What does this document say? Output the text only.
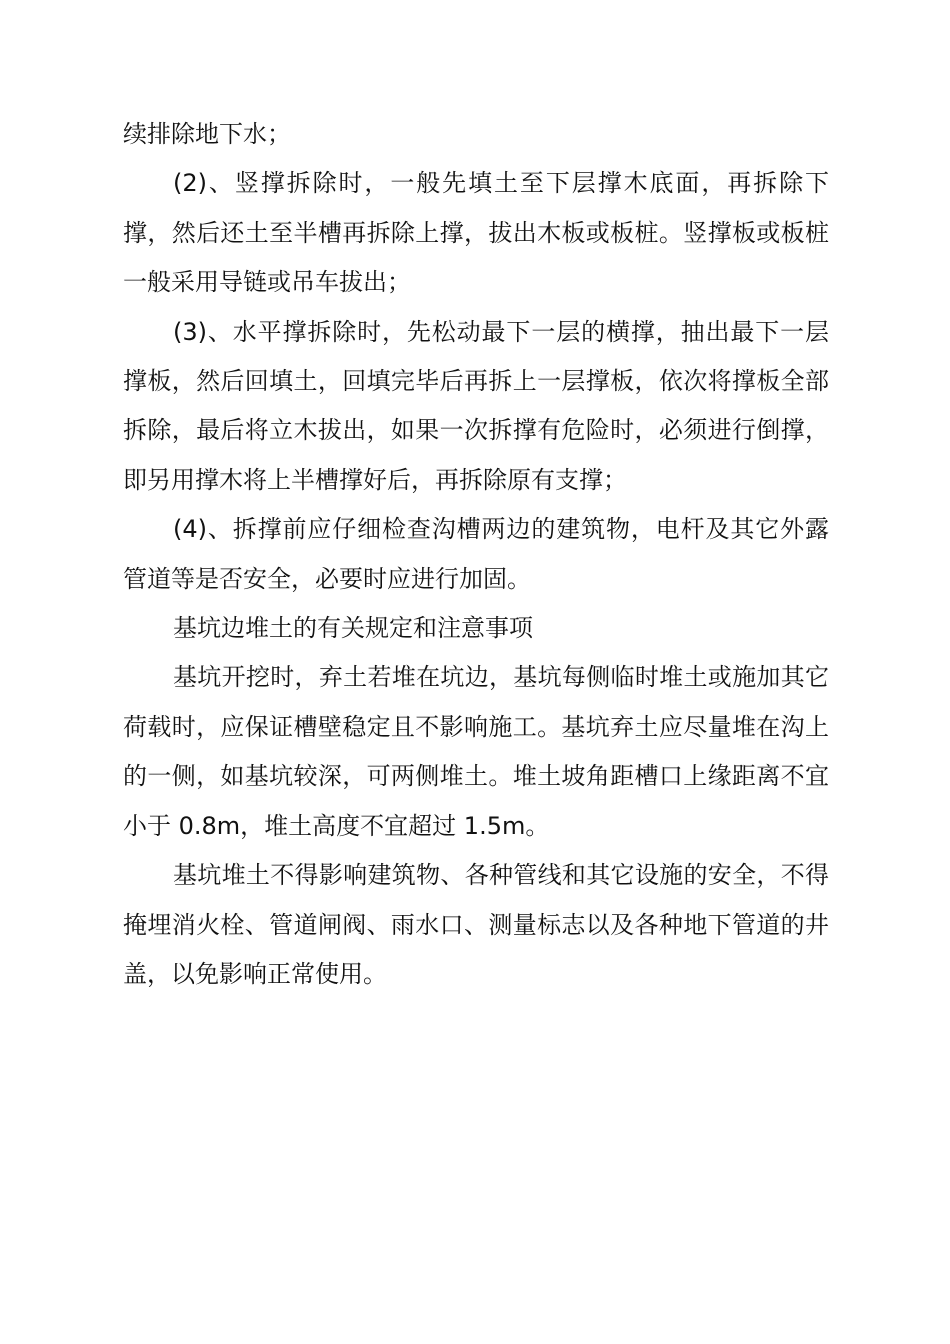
续排除地下水；

(2)、竖撑拆除时，一般先填土至下层撑木底面，再拆除下撑，然后还土至半槽再拆除上撑，拔出木板或板桩。竖撑板或板桩一般采用导链或吊车拔出；

(3)、水平撑拆除时，先松动最下一层的横撑，抽出最下一层撑板，然后回填土，回填完毕后再拆上一层撑板，依次将撑板全部拆除，最后将立木拔出，如果一次拆撑有危险时，必须进行倒撑，即另用撑木将上半槽撑好后，再拆除原有支撑；

(4)、拆撑前应仔细检查沟槽两边的建筑物，电杆及其它外露管道等是否安全，必要时应进行加固。

基坑边堆土的有关规定和注意事项

基坑开挖时，弃土若堆在坑边，基坑每侧临时堆土或施加其它荷载时，应保证槽壁稳定且不影响施工。基坑弃土应尽量堆在沟上的一侧，如基坑较深，可两侧堆土。堆土坡角距槽口上缘距离不宜小于 0.8m，堆土高度不宜超过 1.5m。

基坑堆土不得影响建筑物、各种管线和其它设施的安全，不得掩埋消火栓、管道闸阀、雨水口、测量标志以及各种地下管道的井盖，以免影响正常使用。
